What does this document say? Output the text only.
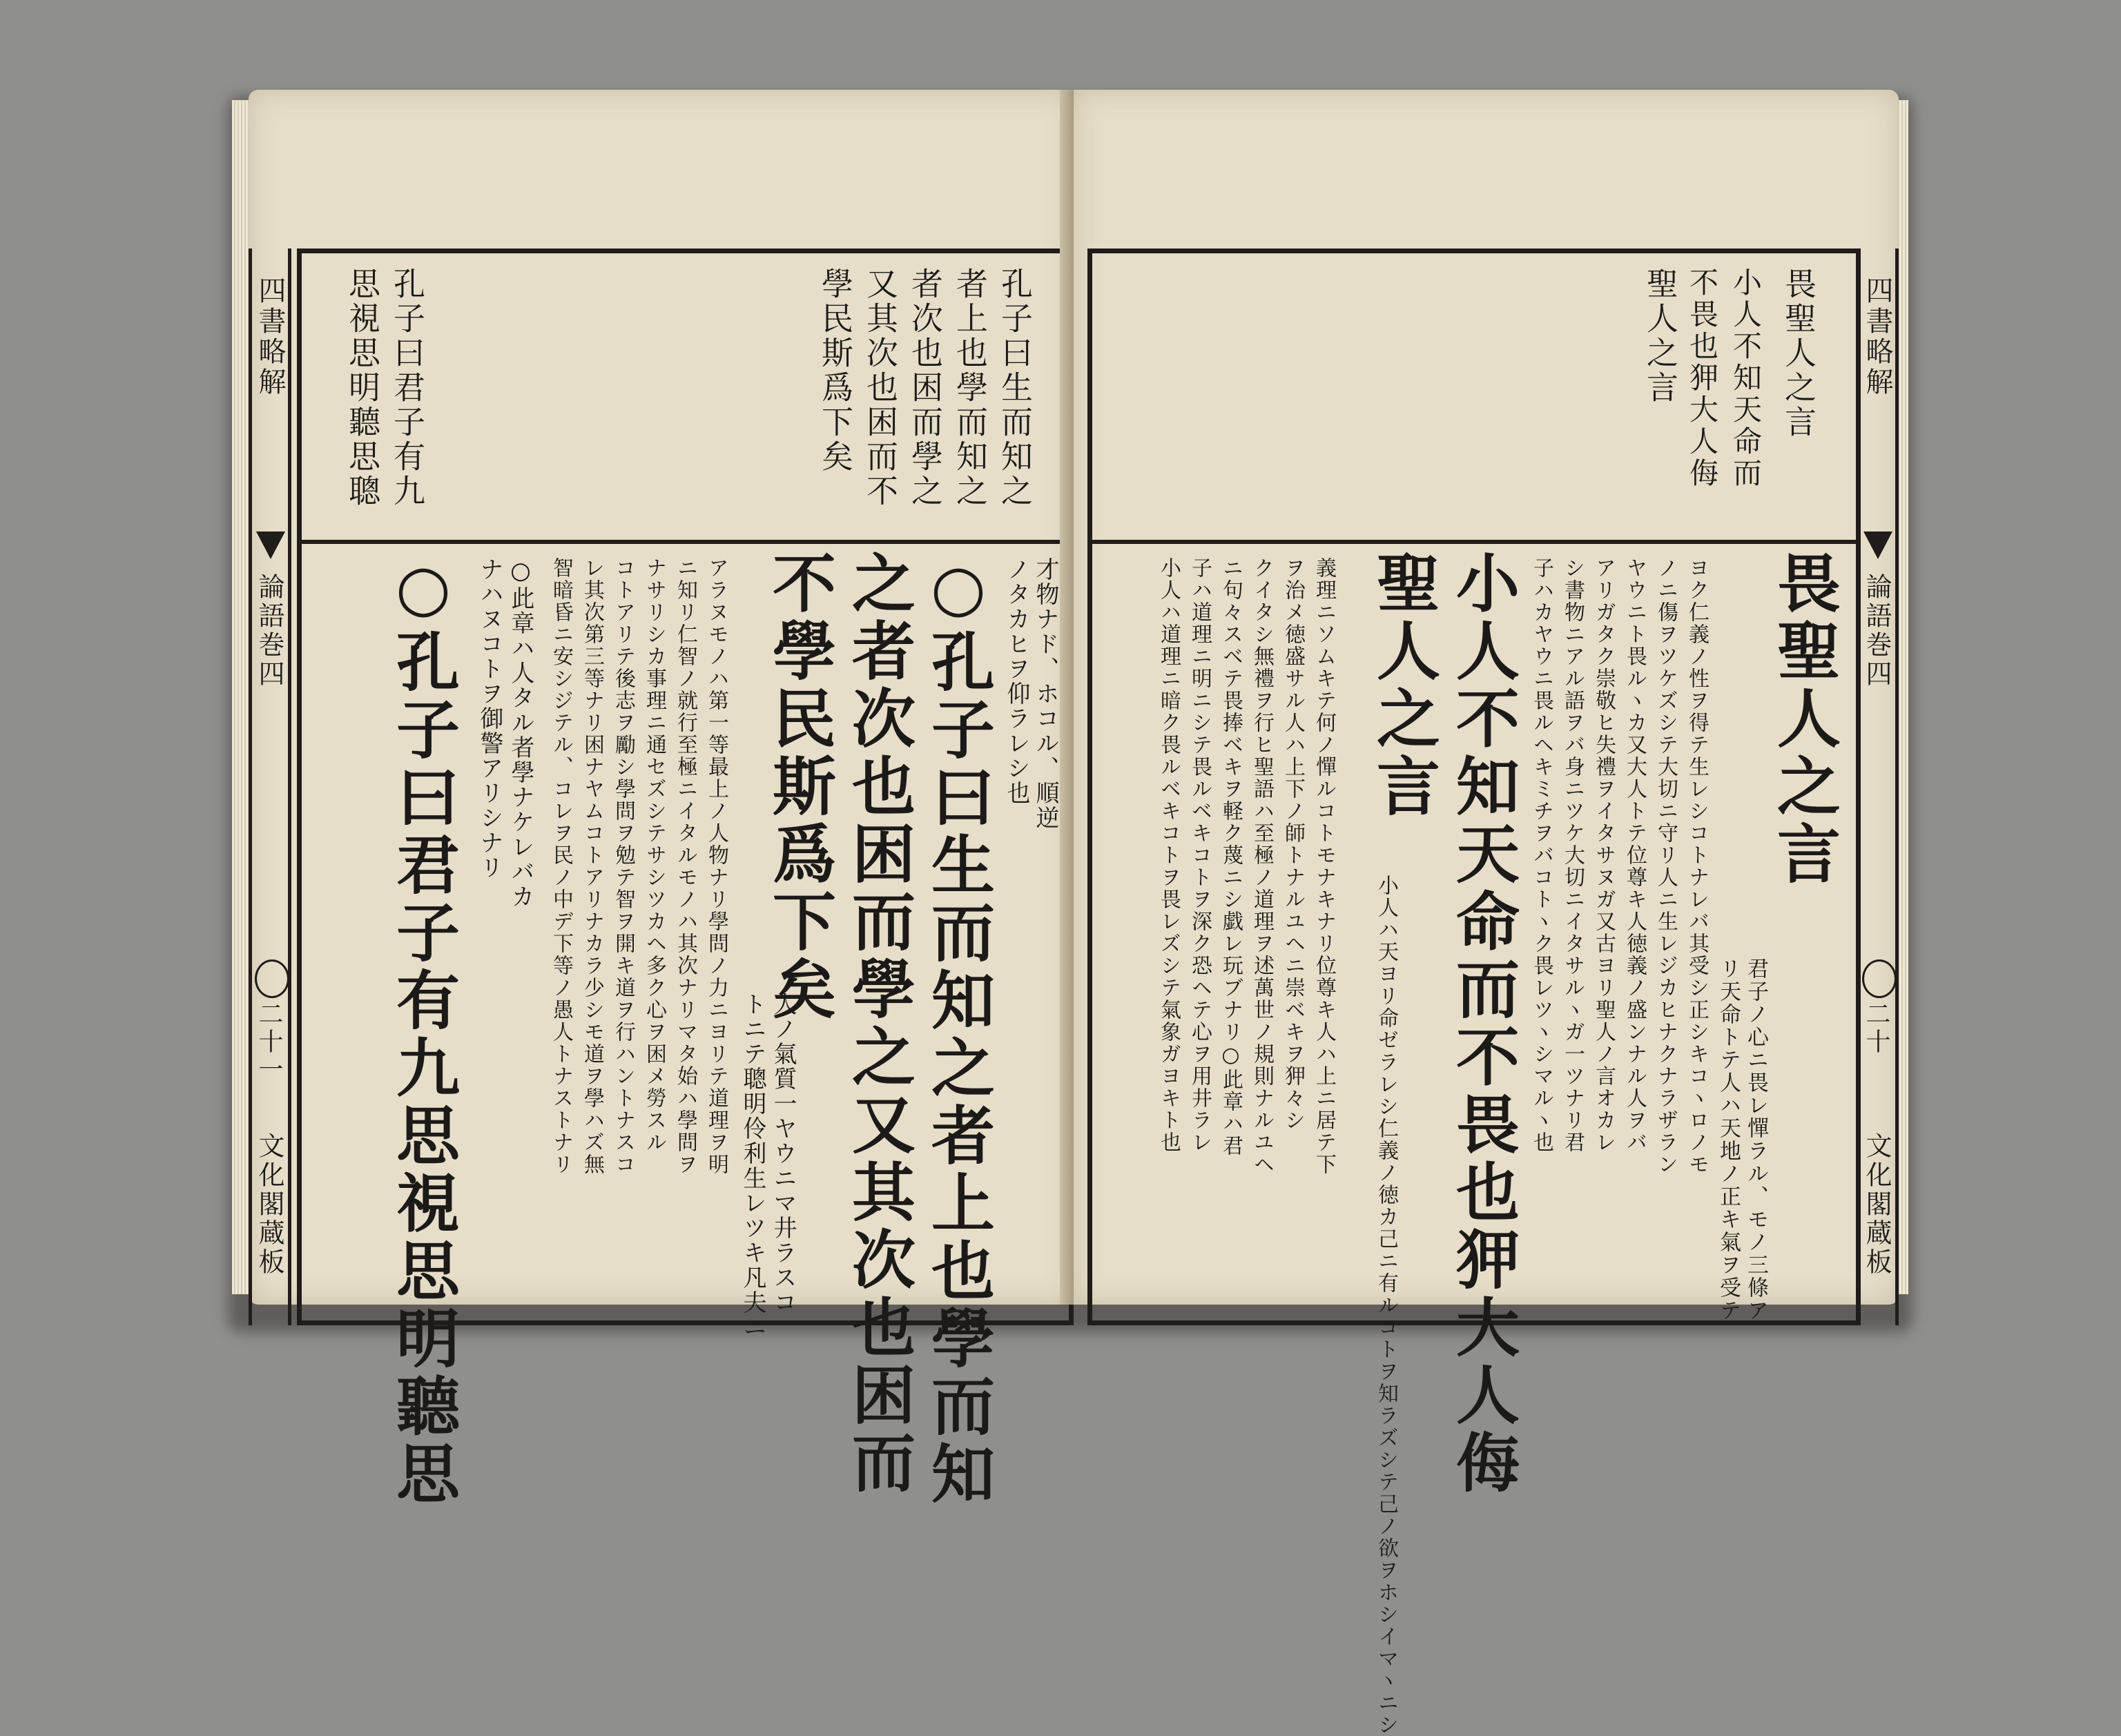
四書略解
論語巻四
二十一
文化閣蔵板
孔子曰生而知之
者上也學而知之
者次也困而學之
又其次也困而不
學民斯爲下矣
孔子曰君子有九
思視思明聽思聰
才物ナド、ホコル、順逆
ノタカヒヲ仰ラレシ也
○孔子曰生而知之者上也學而知
之者次也困而學之又其次也困而
不學民斯爲下矣
人ノ氣質一ヤウニマ井ラスコ
トニテ聰明伶利生レツキ凡夫ニ
アラヌモノハ第一等最上ノ人物ナリ學問ノ力ニヨリテ道理ヲ明
ニ知リ仁智ノ就行至極ニイタルモノハ其次ナリマタ始ハ學問ヲ
ナサリシカ事理ニ通セズシテサシツカヘ多ク心ヲ困メ勞スル
コトアリテ後志ヲ勵シ學問ヲ勉テ智ヲ開キ道ヲ行ハントナスコ
レ其次第三等ナリ困ナヤムコトアリナカラ少シモ道ヲ學ハズ無
智暗昏ニ安シジテル、コレヲ民ノ中デ下等ノ愚人トナストナリ
○此章ハ人タル者學ナケレバカ
ナハヌコトヲ御警アリシナリ
○孔子曰君子有九思視思明聽思
畏聖人之言
小人不知天命而
不畏也狎大人侮
聖人之言
畏聖人之言
君子ノ心ニ畏レ憚ラル、モノ三條ア
リ天命トテ人ハ天地ノ正キ氣ヲ受テ
ヨク仁義ノ性ヲ得テ生レシコトナレバ其受シ正シキコヽロノモ
ノニ傷ヲツケズシテ大切ニ守リ人ニ生レジカヒナクナラザラン
ヤウニト畏ルヽカ又大人トテ位尊キ人徳義ノ盛ンナル人ヲバ
アリガタク崇敬ヒ失禮ヲイタサヌガ又古ヨリ聖人ノ言オカレ
シ書物ニアル語ヲバ身ニツケ大切ニイタサルヽガ一ツナリ君
子ハカヤウニ畏ルヘキミチヲバコトヽク畏レツヽシマルヽ也
小人不知天命而不畏也狎大人侮
聖人之言
小人ハ天ヨリ命ゼラレシ仁義ノ徳カ己ニ有ルコトヲ知ラズシテ己ノ欲ヲホシイマヽニシ
義理ニソムキテ何ノ憚ルコトモナキナリ位尊キ人ハ上ニ居テ下
ヲ治メ徳盛サル人ハ上下ノ師トナルユヘニ崇ベキヲ狎々シ
クイタシ無禮ヲ行ヒ聖語ハ至極ノ道理ヲ述萬世ノ規則ナルユヘ
ニ句々スベテ畏捧ベキヲ軽ク蔑ニシ戯レ玩ブナリ○此章ハ君
子ハ道理ニ明ニシテ畏ルベキコトヲ深ク恐ヘテ心ヲ用井ラレ
小人ハ道理ニ暗ク畏ルベキコトヲ畏レズシテ氣象ガヨキト也
四書略解
論語巻四
二十
文化閣蔵板
